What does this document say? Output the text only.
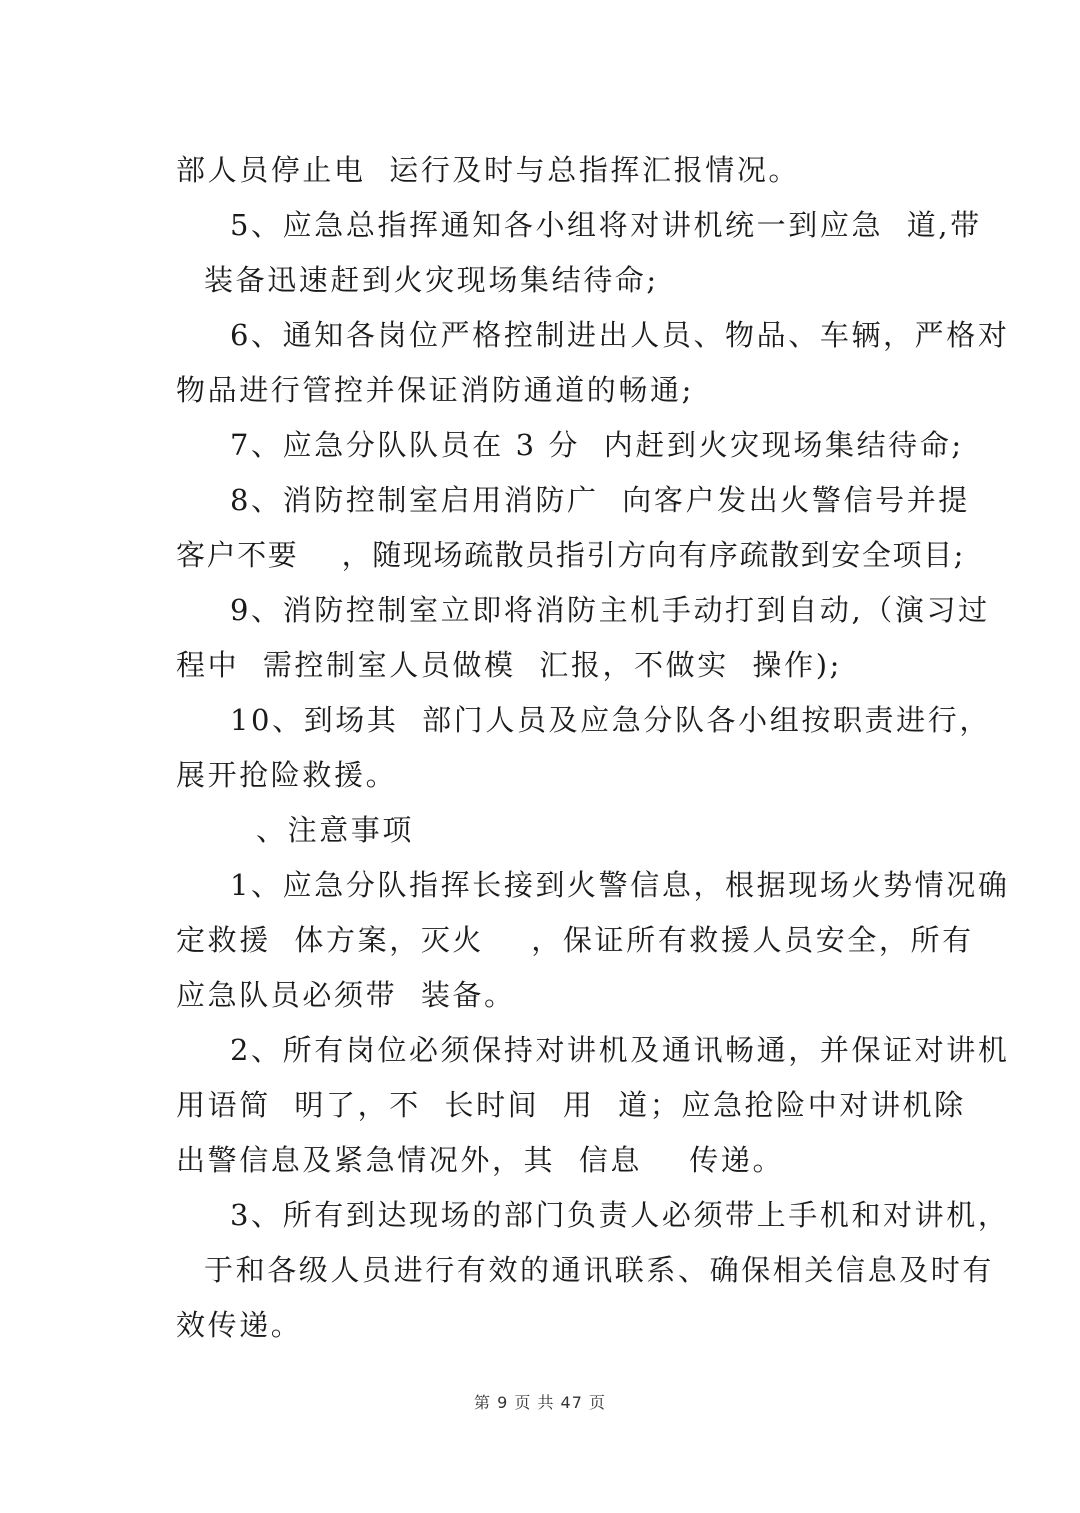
部人员停止电  运行及时与总指挥汇报情况。
5、应急总指挥通知各小组将对讲机统一到应急  道,带
装备迅速赶到火灾现场集结待命;
6、通知各岗位严格控制进出人员、物品、车辆，严格对
物品进行管控并保证消防通道的畅通;
7、应急分队队员在 3 分  内赶到火灾现场集结待命;
8、消防控制室启用消防广  向客户发出火警信号并提
客户不要    ，随现场疏散员指引方向有序疏散到安全项目;
9、消防控制室立即将消防主机手动打到自动,（演习过
程中  需控制室人员做模  汇报，不做实  操作);
10、到场其  部门人员及应急分队各小组按职责进行，
展开抢险救援。
、注意事项
1、应急分队指挥长接到火警信息，根据现场火势情况确
定救援  体方案，灭火    ，保证所有救援人员安全，所有
应急队员必须带  装备。
2、所有岗位必须保持对讲机及通讯畅通，并保证对讲机
用语简  明了，不  长时间  用  道；应急抢险中对讲机除
出警信息及紧急情况外，其  信息    传递。
3、所有到达现场的部门负责人必须带上手机和对讲机，
于和各级人员进行有效的通讯联系、确保相关信息及时有
效传递。
第 9 页 共 47 页
